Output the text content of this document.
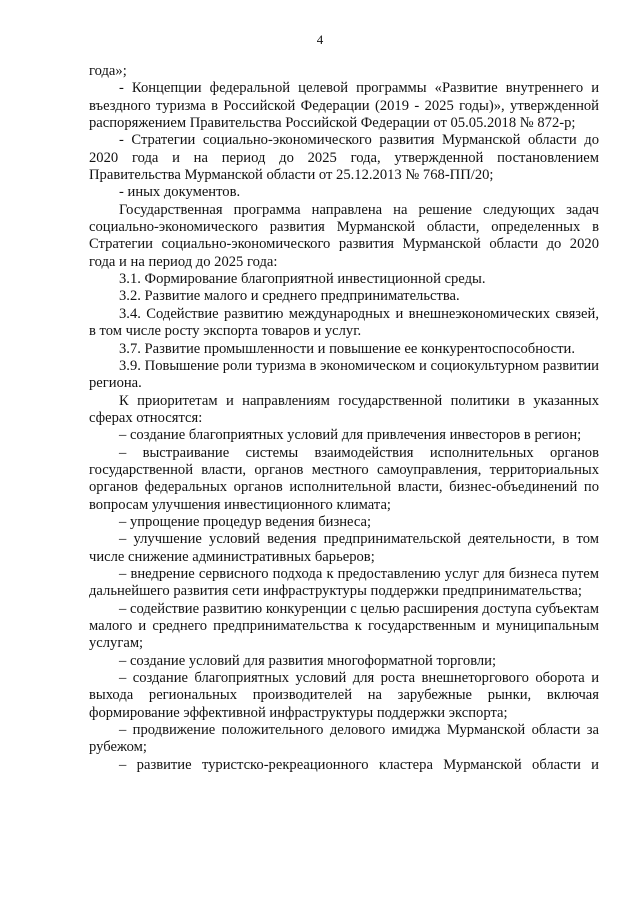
4

года»;

- Концепции федеральной целевой программы «Развитие внутреннего и въездного туризма в Российской Федерации (2019 - 2025 годы)», утвержденной распоряжением Правительства Российской Федерации от 05.05.2018 № 872-р;

- Стратегии социально-экономического развития Мурманской области до 2020 года и на период до 2025 года, утвержденной постановлением Правительства Мурманской области от 25.12.2013 № 768-ПП/20;

- иных документов.

Государственная программа направлена на решение следующих задач социально-экономического развития Мурманской области, определенных в Стратегии социально-экономического развития Мурманской области до 2020 года и на период до 2025 года:

3.1. Формирование благоприятной инвестиционной среды.

3.2. Развитие малого и среднего предпринимательства.

3.4. Содействие развитию международных и внешнеэкономических связей, в том числе росту экспорта товаров и услуг.

3.7. Развитие промышленности и повышение ее конкурентоспособности.

3.9. Повышение роли туризма в экономическом и социокультурном развитии региона.

К приоритетам и направлениям государственной политики в указанных сферах относятся:

– создание благоприятных условий для привлечения инвесторов в регион;

– выстраивание системы взаимодействия исполнительных органов государственной власти, органов местного самоуправления, территориальных органов федеральных органов исполнительной власти, бизнес-объединений по вопросам улучшения инвестиционного климата;

– упрощение процедур ведения бизнеса;

– улучшение условий ведения предпринимательской деятельности, в том числе снижение административных барьеров;

– внедрение сервисного подхода к предоставлению услуг для бизнеса путем дальнейшего развития сети инфраструктуры поддержки предпринимательства;

– содействие развитию конкуренции с целью расширения доступа субъектам малого и среднего предпринимательства к государственным и муниципальным услугам;

– создание условий для развития многоформатной торговли;

– создание благоприятных условий для роста внешнеторгового оборота и выхода региональных производителей на зарубежные рынки, включая формирование эффективной инфраструктуры поддержки экспорта;

– продвижение положительного делового имиджа Мурманской области за рубежом;

– развитие туристско-рекреационного кластера Мурманской области и
